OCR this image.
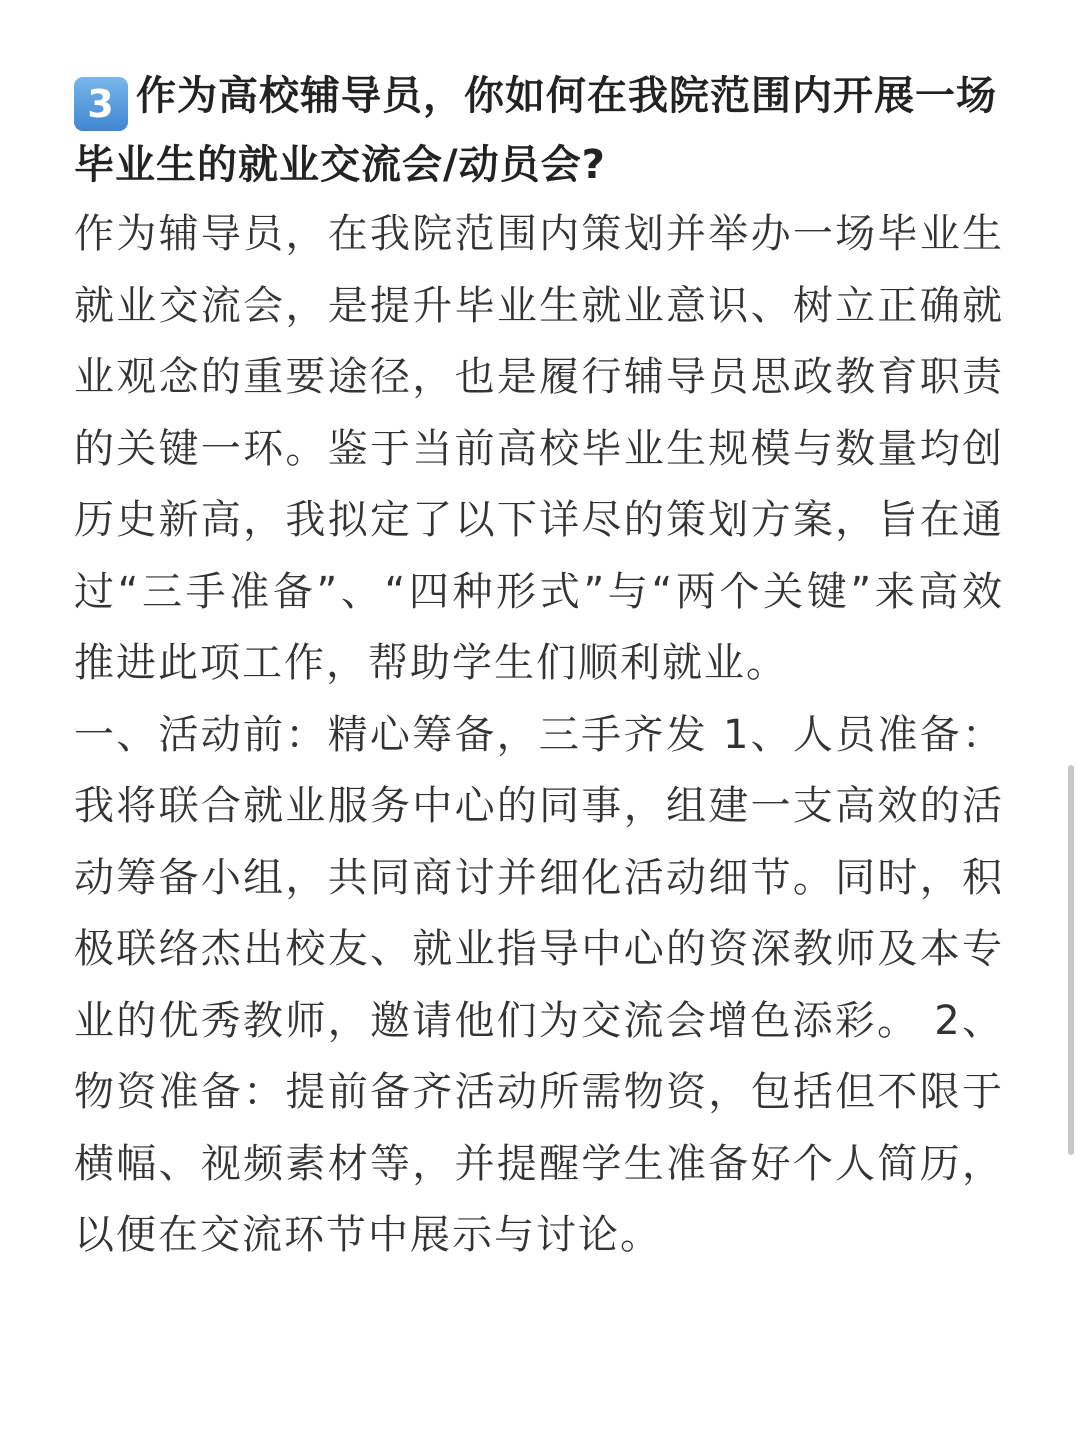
3 作为高校辅导员，你如何在我院范围内开展一场毕业生的就业交流会/动员会?

作为辅导员，在我院范围内策划并举办一场毕业生就业交流会，是提升毕业生就业意识、树立正确就业观念的重要途径，也是履行辅导员思政教育职责的关键一环。鉴于当前高校毕业生规模与数量均创历史新高，我拟定了以下详尽的策划方案，旨在通过“三手准备”、“四种形式”与“两个关键”来高效推进此项工作，帮助学生们顺利就业。

一、活动前：精心筹备，三手齐发 1、人员准备：我将联合就业服务中心的同事，组建一支高效的活动筹备小组，共同商讨并细化活动细节。同时，积极联络杰出校友、就业指导中心的资深教师及本专业的优秀教师，邀请他们为交流会增色添彩。 2、物资准备：提前备齐活动所需物资，包括但不限于横幅、视频素材等，并提醒学生准备好个人简历，以便在交流环节中展示与讨论。
